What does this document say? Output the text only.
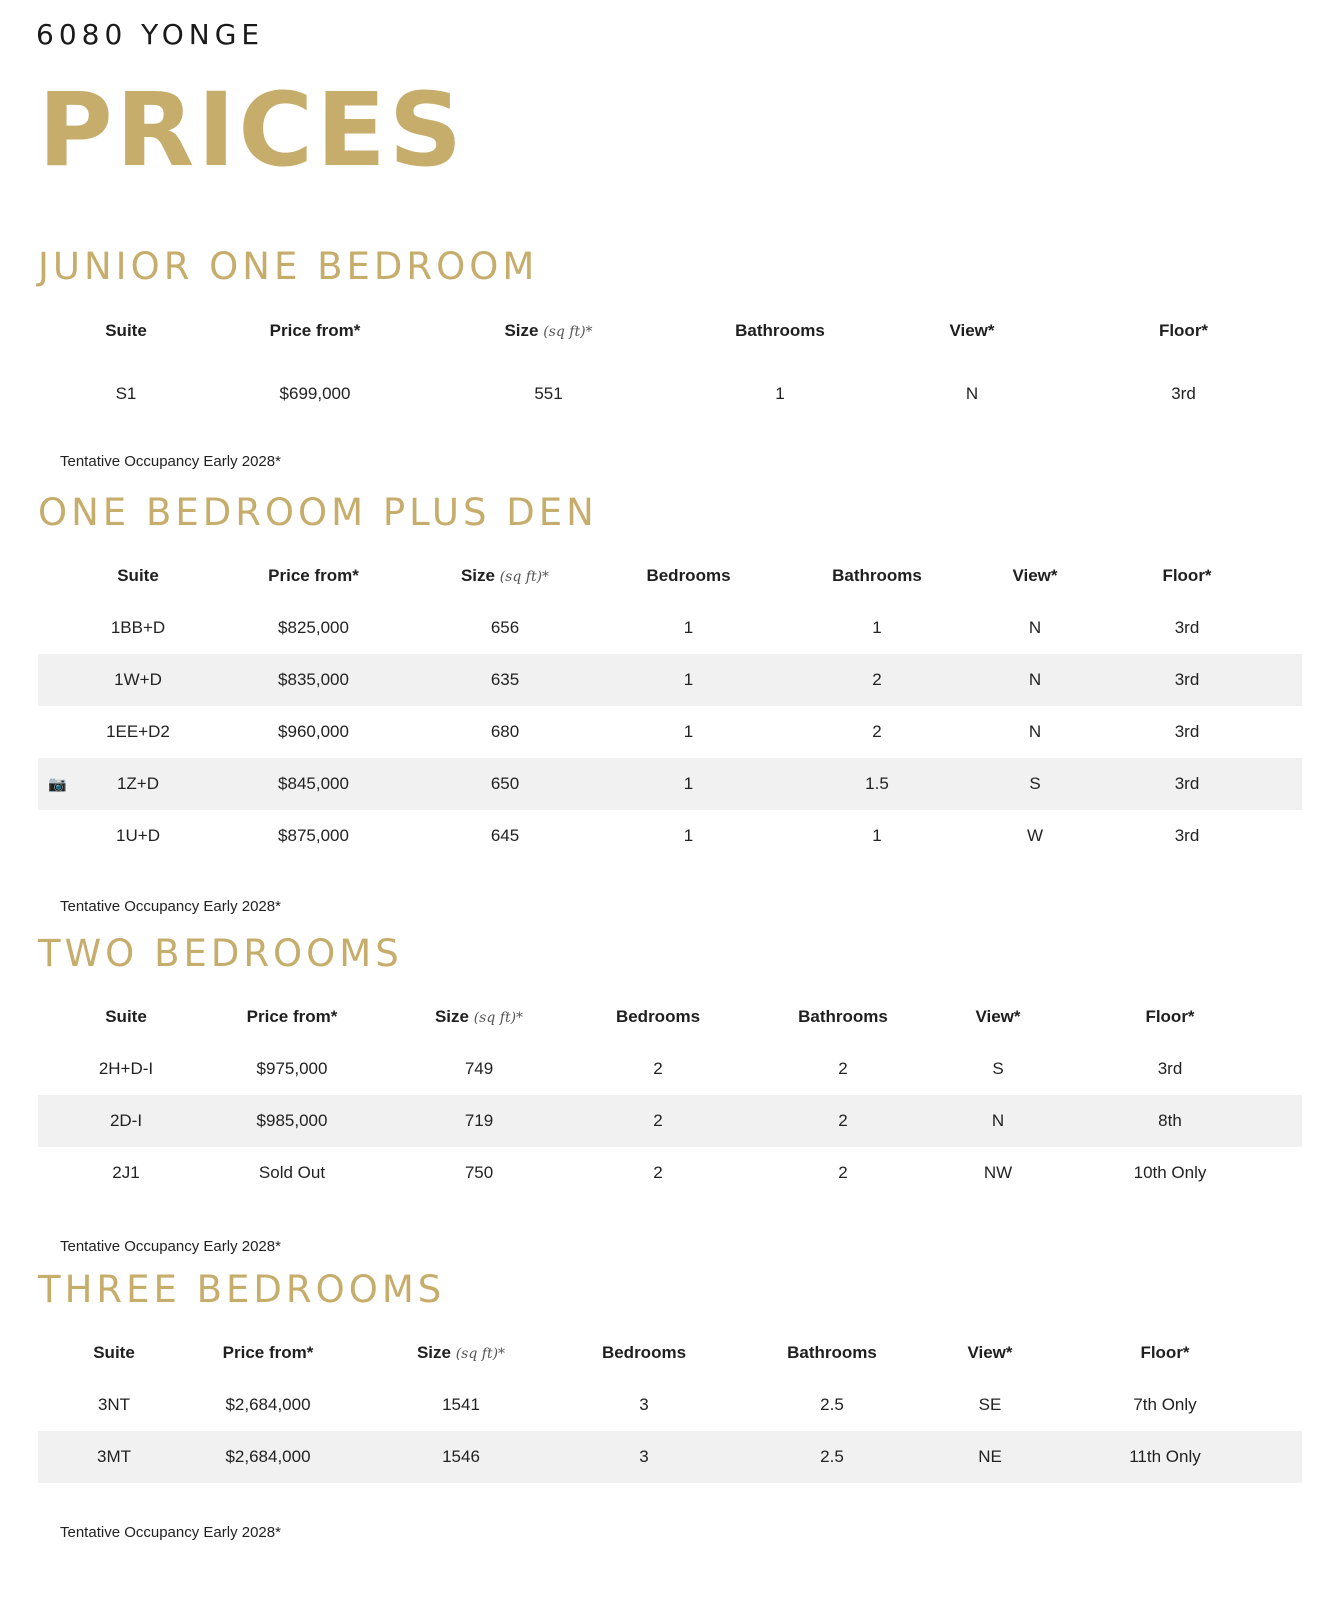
6080 YONGE
PRICES
JUNIOR ONE BEDROOM
Suite	Price from*	Size (sq ft)*	Bathrooms	View*	Floor*
S1	$699,000	551	1	N	3rd
Tentative Occupancy Early 2028*
ONE BEDROOM PLUS DEN
Suite	Price from*	Size (sq ft)*	Bedrooms	Bathrooms	View*	Floor*
1BB+D	$825,000	656	1	1	N	3rd
1W+D	$835,000	635	1	2	N	3rd
1EE+D2	$960,000	680	1	2	N	3rd

📷 1Z+D	$845,000	650	1	1.5	S	3rd
1U+D	$875,000	645	1	1	W	3rd
Tentative Occupancy Early 2028*
TWO BEDROOMS
Suite	Price from*	Size (sq ft)*	Bedrooms	Bathrooms	View*	Floor*
2H+D-I	$975,000	749	2	2	S	3rd
2D-I	$985,000	719	2	2	N	8th
2J1	Sold Out	750	2	2	NW	10th Only
Tentative Occupancy Early 2028*
THREE BEDROOMS
Suite	Price from*	Size (sq ft)*	Bedrooms	Bathrooms	View*	Floor*
3NT	$2,684,000	1541	3	2.5	SE	7th Only
3MT	$2,684,000	1546	3	2.5	NE	11th Only
Tentative Occupancy Early 2028*
